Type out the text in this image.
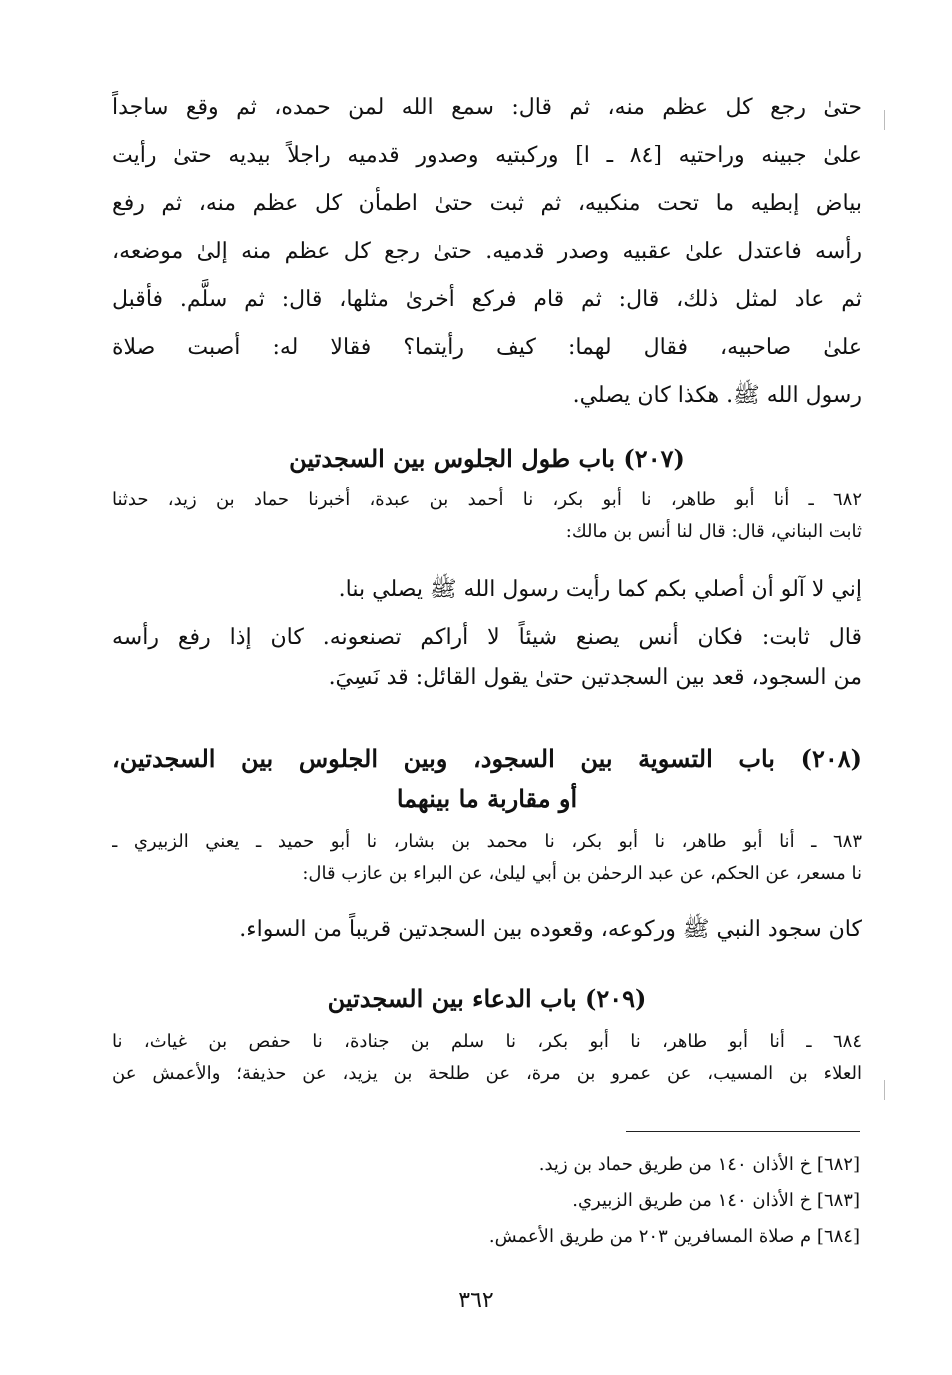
حتىٰ رجع كل عظم منه، ثم قال: سمع الله لمن حمده، ثم وقع ساجداً
علىٰ جبينه وراحتيه [٨٤ ـ ا] وركبتيه وصدور قدميه راجلاً بيديه حتىٰ رأيت
بياض إبطيه ما تحت منكبيه، ثم ثبت حتىٰ اطمأن كل عظم منه، ثم رفع
رأسه فاعتدل علىٰ عقبيه وصدر قدميه. حتىٰ رجع كل عظم منه إلىٰ موضعه،
ثم عاد لمثل ذلك، قال: ثم قام فركع أخرىٰ مثلها، قال: ثم سلَّم. فأقبل
علىٰ صاحبيه، فقال لهما: كيف رأيتما؟ فقالا له: أصبت صلاة
رسول الله ﷺ. هكذا كان يصلي.
(٢٠٧) باب طول الجلوس بين السجدتين
٦٨٢ ـ أنا أبو طاهر، نا أبو بكر، نا أحمد بن عبدة، أخبرنا حماد بن زيد، حدثنا
ثابت البناني، قال: قال لنا أنس بن مالك:
إني لا آلو أن أصلي بكم كما رأيت رسول الله ﷺ يصلي بنا.
قال ثابت: فكان أنس يصنع شيئاً لا أراكم تصنعونه. كان إذا رفع رأسه
من السجود، قعد بين السجدتين حتىٰ يقول القائل: قد نَسِيَ.
(٢٠٨) باب التسوية بين السجود، وبين الجلوس بين السجدتين،
أو مقاربة ما بينهما
٦٨٣ ـ أنا أبو طاهر، نا أبو بكر، نا محمد بن بشار، نا أبو حميد ـ يعني الزبيري ـ
نا مسعر، عن الحكم، عن عبد الرحمٰن بن أبي ليلىٰ، عن البراء بن عازب قال:
كان سجود النبي ﷺ وركوعه، وقعوده بين السجدتين قريباً من السواء.
(٢٠٩) باب الدعاء بين السجدتين
٦٨٤ ـ أنا أبو طاهر، نا أبو بكر، نا سلم بن جنادة، نا حفص بن غياث، نا
العلاء بن المسيب، عن عمرو بن مرة، عن طلحة بن يزيد، عن حذيفة؛ والأعمش عن
[٦٨٢] خ الأذان ١٤٠ من طريق حماد بن زيد.
[٦٨٣] خ الأذان ١٤٠ من طريق الزبيري.
[٦٨٤] م صلاة المسافرين ٢٠٣ من طريق الأعمش.
٣٦٢
